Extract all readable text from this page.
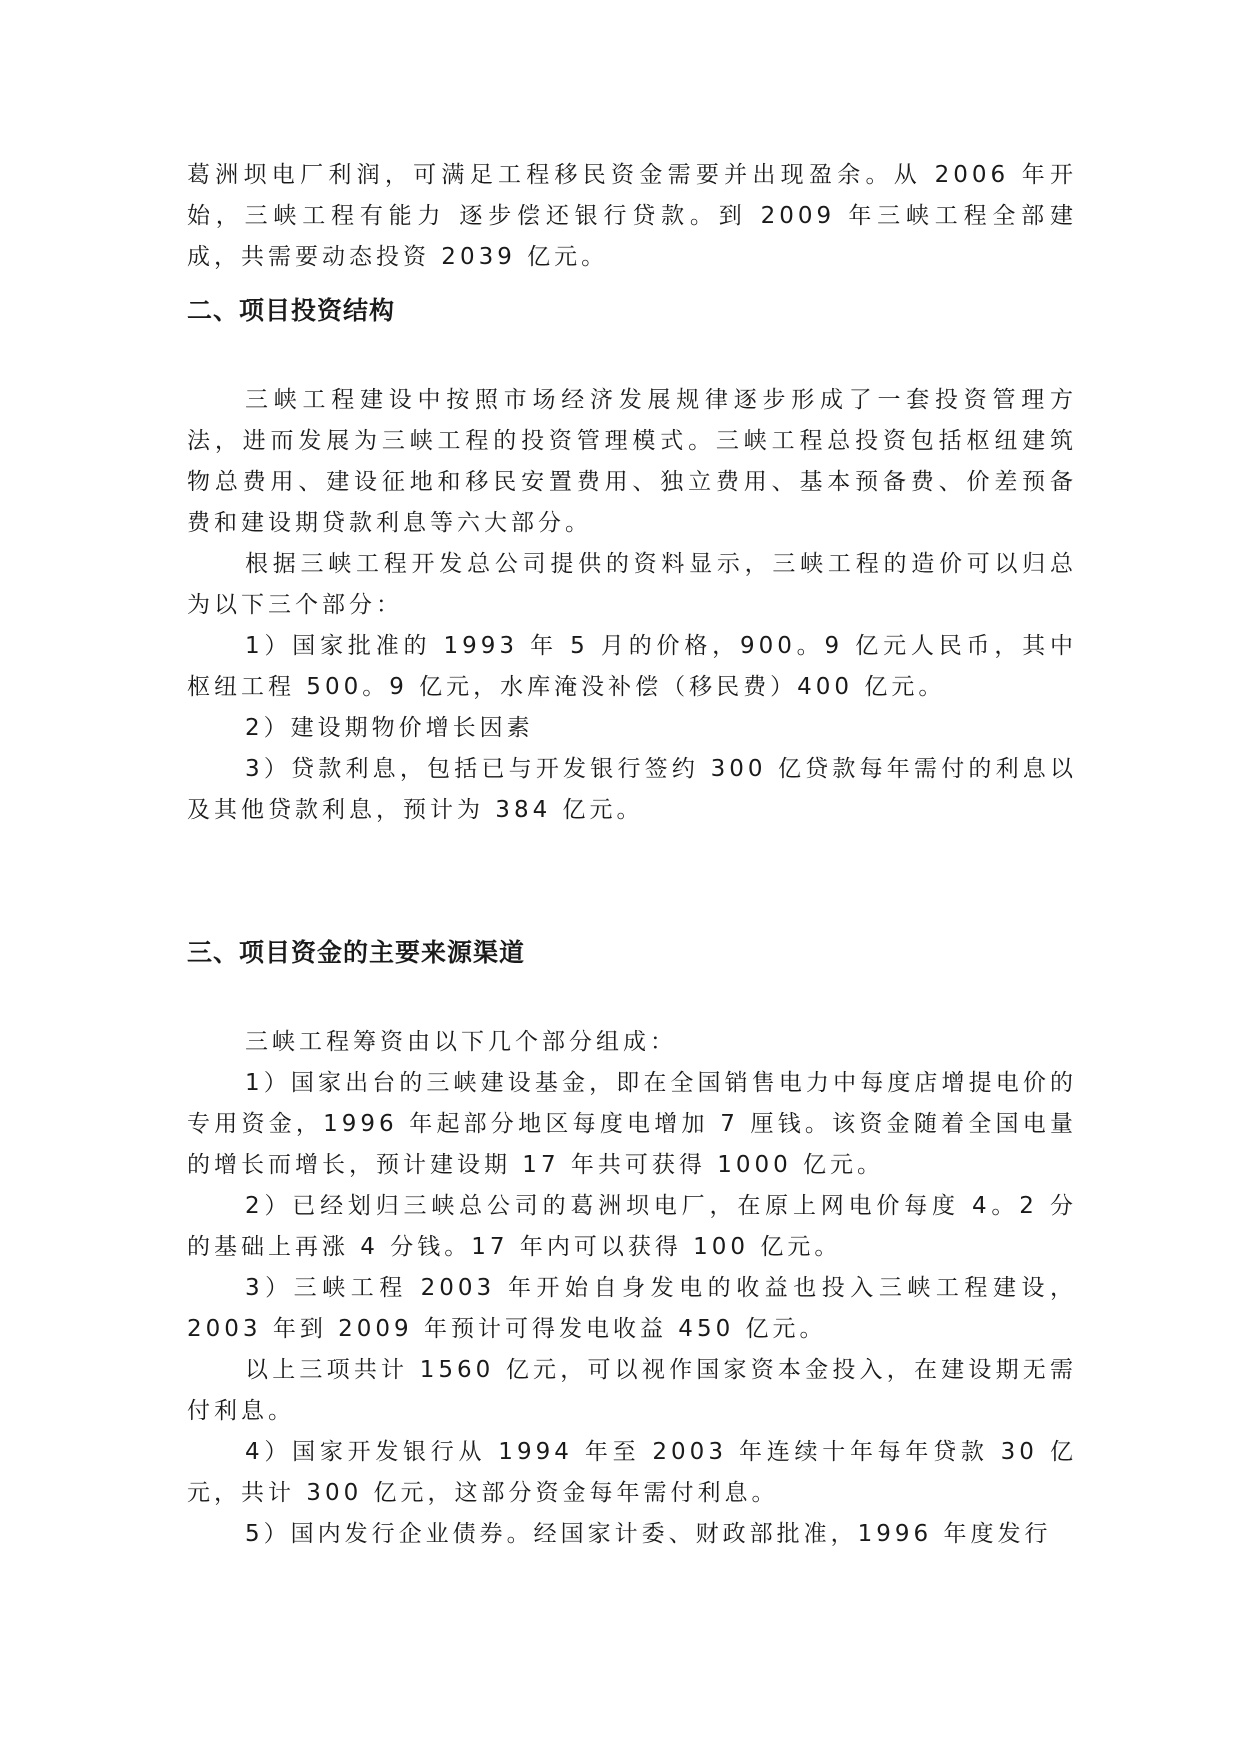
葛洲坝电厂利润，可满足工程移民资金需要并出现盈余。从 2006 年开始，三峡工程有能力 逐步偿还银行贷款。到 2009 年三峡工程全部建成，共需要动态投资 2039 亿元。

二、项目投资结构

三峡工程建设中按照市场经济发展规律逐步形成了一套投资管理方法，进而发展为三峡工程的投资管理模式。三峡工程总投资包括枢纽建筑物总费用、建设征地和移民安置费用、独立费用、基本预备费、价差预备费和建设期贷款利息等六大部分。

根据三峡工程开发总公司提供的资料显示，三峡工程的造价可以归总为以下三个部分：

1）国家批准的 1993 年 5 月的价格，900。9 亿元人民币，其中枢纽工程 500。9 亿元，水库淹没补偿（移民费）400 亿元。

2）建设期物价增长因素

3）贷款利息，包括已与开发银行签约 300 亿贷款每年需付的利息以及其他贷款利息，预计为 384 亿元。

三、项目资金的主要来源渠道

三峡工程筹资由以下几个部分组成：

1）国家出台的三峡建设基金，即在全国销售电力中每度店增提电价的专用资金，1996 年起部分地区每度电增加 7 厘钱。该资金随着全国电量的增长而增长，预计建设期 17 年共可获得 1000 亿元。

2）已经划归三峡总公司的葛洲坝电厂，在原上网电价每度 4。2 分的基础上再涨 4 分钱。17 年内可以获得 100 亿元。

3）三峡工程 2003 年开始自身发电的收益也投入三峡工程建设，2003 年到 2009 年预计可得发电收益 450 亿元。

以上三项共计 1560 亿元，可以视作国家资本金投入，在建设期无需付利息。

4）国家开发银行从 1994 年至 2003 年连续十年每年贷款 30 亿元，共计 300 亿元，这部分资金每年需付利息。

5）国内发行企业债券。经国家计委、财政部批准，1996 年度发行
